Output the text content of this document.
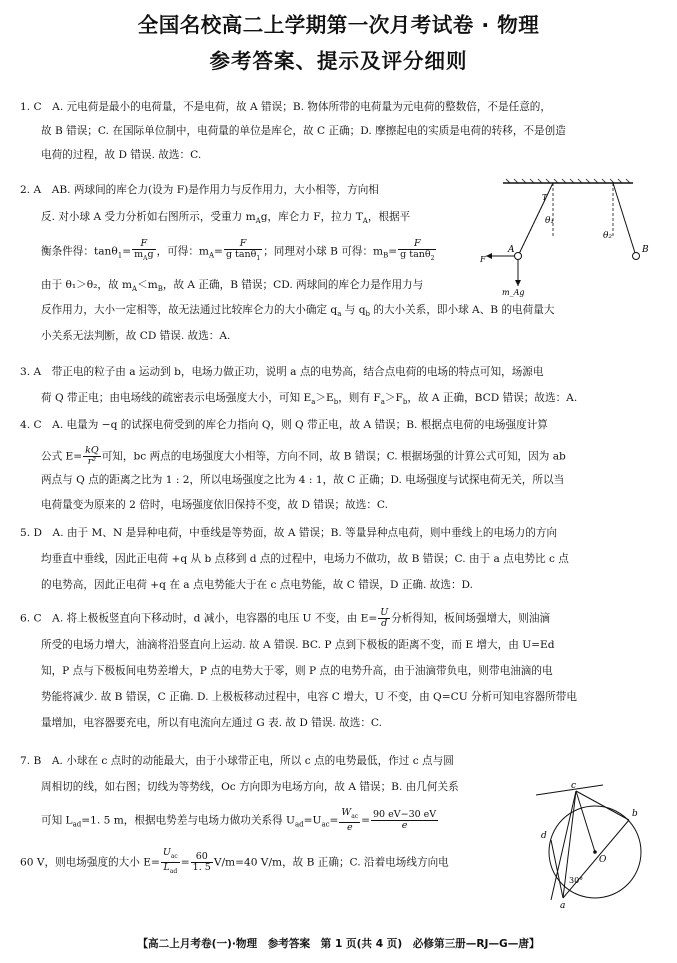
全国名校高二上学期第一次月考试卷 · 物理
参考答案、提示及评分细则
1. C　A. 元电荷是最小的电荷量，不是电荷，故 A 错误；B. 物体所带的电荷量为元电荷的整数倍，不是任意的，
故 B 错误；C. 在国际单位制中，电荷量的单位是库仑，故 C 正确；D. 摩擦起电的实质是电荷的转移，不是创造
电荷的过程，故 D 错误. 故选：C.
2. A　AB. 两球间的库仑力(设为 F)是作用力与反作用力，大小相等，方向相
反. 对小球 A 受力分析如右图所示，受重力 $m_Ag$，库仑力 F，拉力 $T_A$，根据平
衡条件得：$\tan\theta_1= \frac{F}{m_Ag}$ ，可得：$m_A= \frac{F}{g \tan\theta_1}$ ；同理对小球 B 可得：$m_B= \frac{F}{g \tan\theta_2}$
由于 θ₁＞θ₂，故 $m_A<m_B$，故 A 正确，B 错误；CD. 两球间的库仑力是作用力与
反作用力，大小一定相等，故无法通过比较库仑力的大小确定 $q_a$ 与 $q_b$ 的大小关系，即小球 A、B 的电荷量大
小关系无法判断，故 CD 错误. 故选：A.
θ₁
θ₂
A	B
F
T
m_Ag
3. A　带正电的粒子由 a 运动到 b，电场力做正功，说明 a 点的电势高，结合点电荷的电场的特点可知，场源电
荷 Q 带正电；由电场线的疏密表示电场强度大小，可知 $E_a>E_b$，则有 $F_a>F_b$，故 A 正确，BCD 错误；故选：A.
4. C　A. 电量为 −q 的试探电荷受到的库仑力指向 Q，则 Q 带正电，故 A 错误；B. 根据点电荷的电场强度计算
公式 $E= \frac{kQ}{\text{r²}}$ 可知，bc 两点的电场强度大小相等，方向不同，故 B 错误；C. 根据场强的计算公式可知，因为 ab
两点与 Q 点的距离之比为 1 : 2，所以电场强度之比为 4 : 1，故 C 正确；D. 电场强度与试探电荷无关，所以当
电荷量变为原来的 2 倍时，电场强度依旧保持不变，故 D 错误；故选：C.
5. D　A. 由于 M、N 是异种电荷，中垂线是等势面，故 A 错误；B. 等量异种点电荷，则中垂线上的电场力的方向
均垂直中垂线，因此正电荷 +q 从 b 点移到 d 点的过程中，电场力不做功，故 B 错误；C. 由于 a 点电势比 c 点
的电势高，因此正电荷 +q 在 a 点电势能大于在 c 点电势能，故 C 错误，D 正确. 故选：D.
6. C　A. 将上极板竖直向下移动时，d 减小，电容器的电压 U 不变，由 $E= \frac{U}{d}$ 分析得知，板间场强增大，则油滴
所受的电场力增大，油滴将沿竖直向上运动. 故 A 错误. BC. P 点到下极板的距离不变，而 E 增大，由 U=Ed
知，P 点与下极板间电势差增大，P 点的电势大于零，则 P 点的电势升高，由于油滴带负电，则带电油滴的电
势能将减少. 故 B 错误，C 正确. D. 上极板移动过程中，电容 C 增大，U 不变，由 Q=CU 分析可知电容器所带电
量增加，电容器要充电，所以有电流向左通过 G 表. 故 D 错误. 故选：C.
7. B　A. 小球在 c 点时的动能最大，由于小球带正电，所以 c 点的电势最低，作过 c 点与圆
周相切的线，如右图；切线为等势线，Oc 方向即为电场方向，故 A 错误；B. 由几何关系
可知 $L_{ad}=1$. 5 m，根据电势差与电场力做功关系得 $U_{ad}=U_{ac}= \frac{W_{ac}}{e} = \frac{90 eV-30 eV}{e}$
60 V，则电场强度的大小 $E= \frac{U_{ac}}{L_{ad}} = \frac{60}{1. 5} V/m=40$ V/m，故 B 正确；C. 沿着电场线方向电
c
b
d
O
a
30°
【高二上月考卷(一)·物理　参考答案　第 1 页(共 4 页)　必修第三册—RJ—G—唐】
